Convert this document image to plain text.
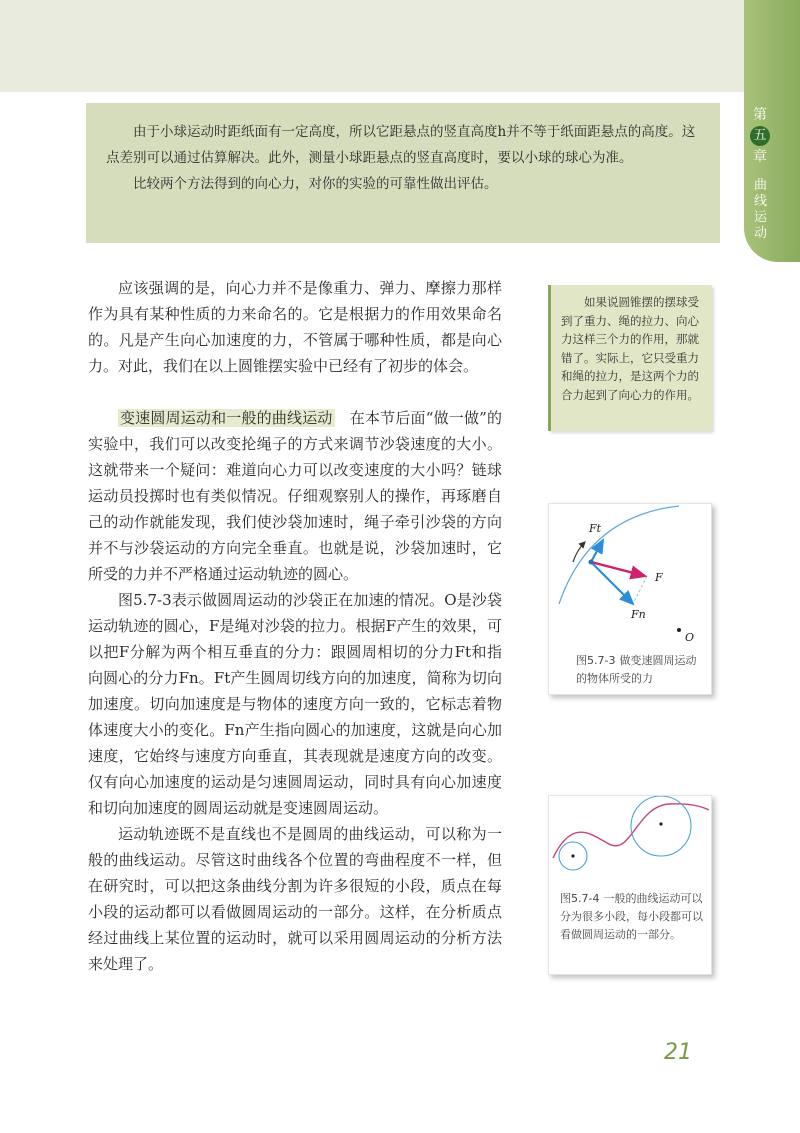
第
五
章
曲线运动

由于小球运动时距纸面有一定高度，所以它距悬点的竖直高度h并不等于纸面距悬点的高度。这点差别可以通过估算解决。此外，测量小球距悬点的竖直高度时，要以小球的球心为准。

比较两个方法得到的向心力，对你的实验的可靠性做出评估。

应该强调的是，向心力并不是像重力、弹力、摩擦力那样作为具有某种性质的力来命名的。它是根据力的作用效果命名的。凡是产生向心加速度的力，不管属于哪种性质，都是向心力。对此，我们在以上圆锥摆实验中已经有了初步的体会。

变速圆周运动和一般的曲线运动  在本节后面“做一做”的实验中，我们可以改变抡绳子的方式来调节沙袋速度的大小。这就带来一个疑问：难道向心力可以改变速度的大小吗？链球运动员投掷时也有类似情况。仔细观察别人的操作，再琢磨自己的动作就能发现，我们使沙袋加速时，绳子牵引沙袋的方向并不与沙袋运动的方向完全垂直。也就是说，沙袋加速时，它所受的力并不严格通过运动轨迹的圆心。

图5.7-3表示做圆周运动的沙袋正在加速的情况。O是沙袋运动轨迹的圆心，F是绳对沙袋的拉力。根据F产生的效果，可以把F分解为两个相互垂直的分力：跟圆周相切的分力Ft和指向圆心的分力Fn。Ft产生圆周切线方向的加速度，简称为切向加速度。切向加速度是与物体的速度方向一致的，它标志着物体速度大小的变化。Fn产生指向圆心的加速度，这就是向心加速度，它始终与速度方向垂直，其表现就是速度方向的改变。仅有向心加速度的运动是匀速圆周运动，同时具有向心加速度和切向加速度的圆周运动就是变速圆周运动。

运动轨迹既不是直线也不是圆周的曲线运动，可以称为一般的曲线运动。尽管这时曲线各个位置的弯曲程度不一样，但在研究时，可以把这条曲线分割为许多很短的小段，质点在每小段的运动都可以看做圆周运动的一部分。这样，在分析质点经过曲线上某位置的运动时，就可以采用圆周运动的分析方法来处理了。

如果说圆锥摆的摆球受到了重力、绳的拉力、向心力这样三个力的作用，那就错了。实际上，它只受重力和绳的拉力，是这两个力的合力起到了向心力的作用。

Ft
F
Fn
O
图5.7-3 做变速圆周运动的物体所受的力
图5.7-4 一般的曲线运动可以分为很多小段，每小段都可以看做圆周运动的一部分。
21
